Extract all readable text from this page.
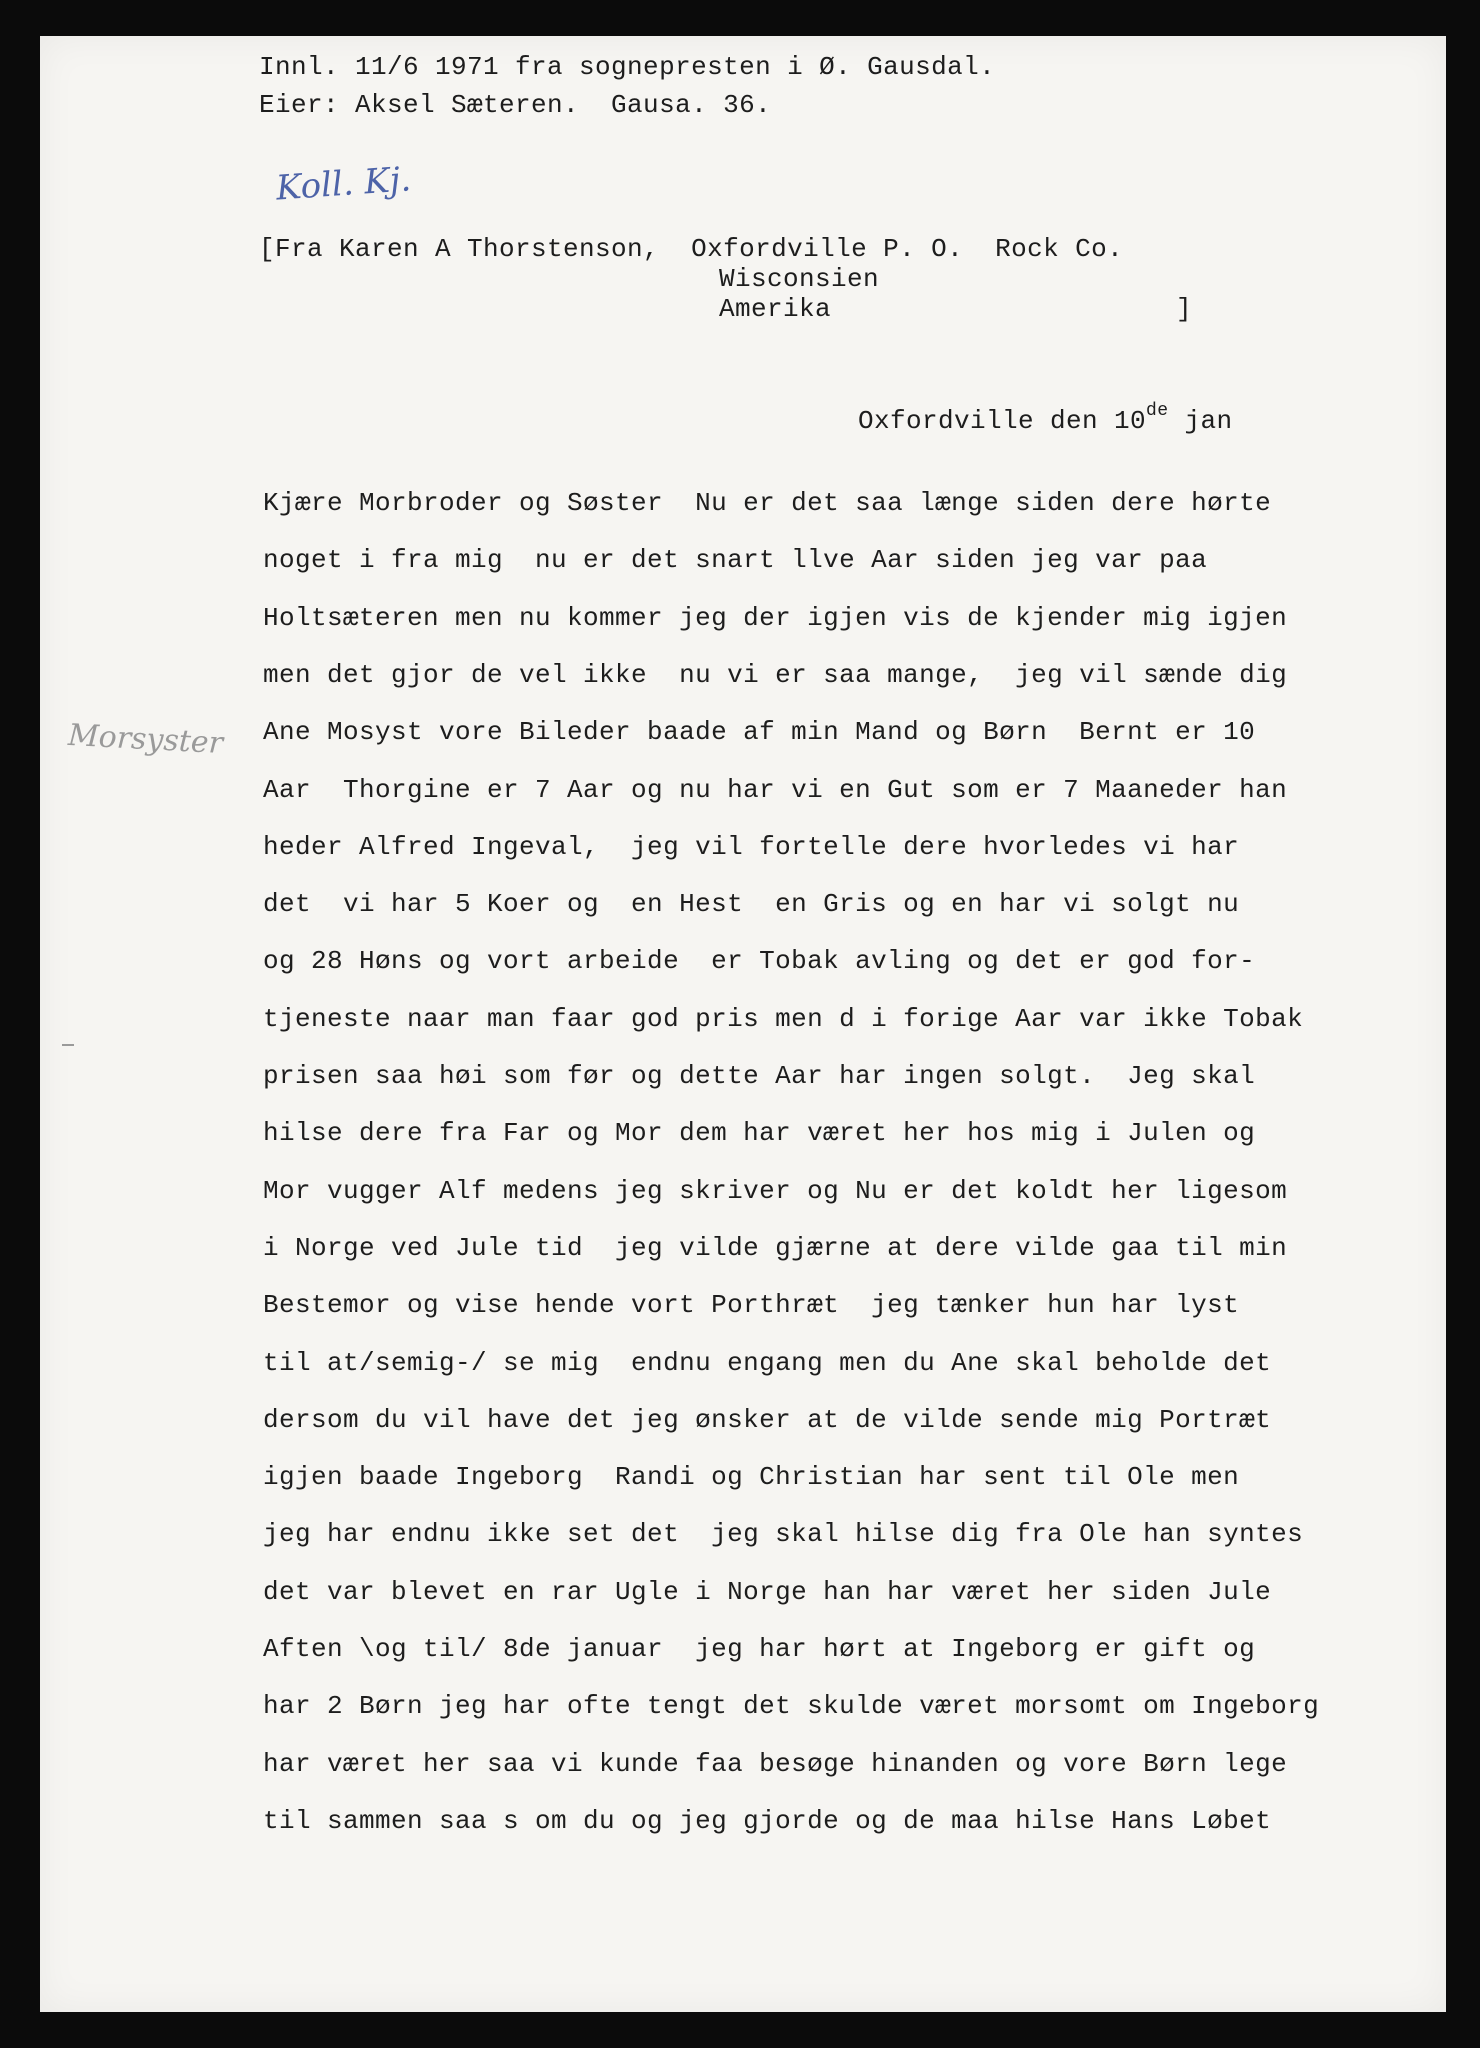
Innl. 11/6 1971 fra sognepresten i Ø. Gausdal.
Eier: Aksel Sæteren.  Gausa. 36.
Koll. Kj.
[Fra Karen A Thorstenson,  Oxfordville P. O.  Rock Co.
Wisconsien
Amerika	]
Oxfordville den 10de jan
Morsyster
Kjære Morbroder og Søster  Nu er det saa længe siden dere hørte
noget i fra mig  nu er det snart llve Aar siden jeg var paa
Holtsæteren men nu kommer jeg der igjen vis de kjender mig igjen
men det gjor de vel ikke  nu vi er saa mange,  jeg vil sænde dig
Ane Mosyst vore Bileder baade af min Mand og Børn  Bernt er 10
Aar  Thorgine er 7 Aar og nu har vi en Gut som er 7 Maaneder han
heder Alfred Ingeval,  jeg vil fortelle dere hvorledes vi har
det  vi har 5 Koer og  en Hest  en Gris og en har vi solgt nu
og 28 Høns og vort arbeide  er Tobak avling og det er god for-
tjeneste naar man faar god pris men d i forige Aar var ikke Tobak
prisen saa høi som før og dette Aar har ingen solgt.  Jeg skal
hilse dere fra Far og Mor dem har været her hos mig i Julen og
Mor vugger Alf medens jeg skriver og Nu er det koldt her ligesom
i Norge ved Jule tid  jeg vilde gjærne at dere vilde gaa til min
Bestemor og vise hende vort Porthræt  jeg tænker hun har lyst
til at/semig-/ se mig  endnu engang men du Ane skal beholde det
dersom du vil have det jeg ønsker at de vilde sende mig Portræt
igjen baade Ingeborg  Randi og Christian har sent til Ole men
jeg har endnu ikke set det  jeg skal hilse dig fra Ole han syntes
det var blevet en rar Ugle i Norge han har været her siden Jule
Aften \og til/ 8de januar  jeg har hørt at Ingeborg er gift og
har 2 Børn jeg har ofte tengt det skulde været morsomt om Ingeborg
har været her saa vi kunde faa besøge hinanden og vore Børn lege
til sammen saa s om du og jeg gjorde og de maa hilse Hans Løbet
